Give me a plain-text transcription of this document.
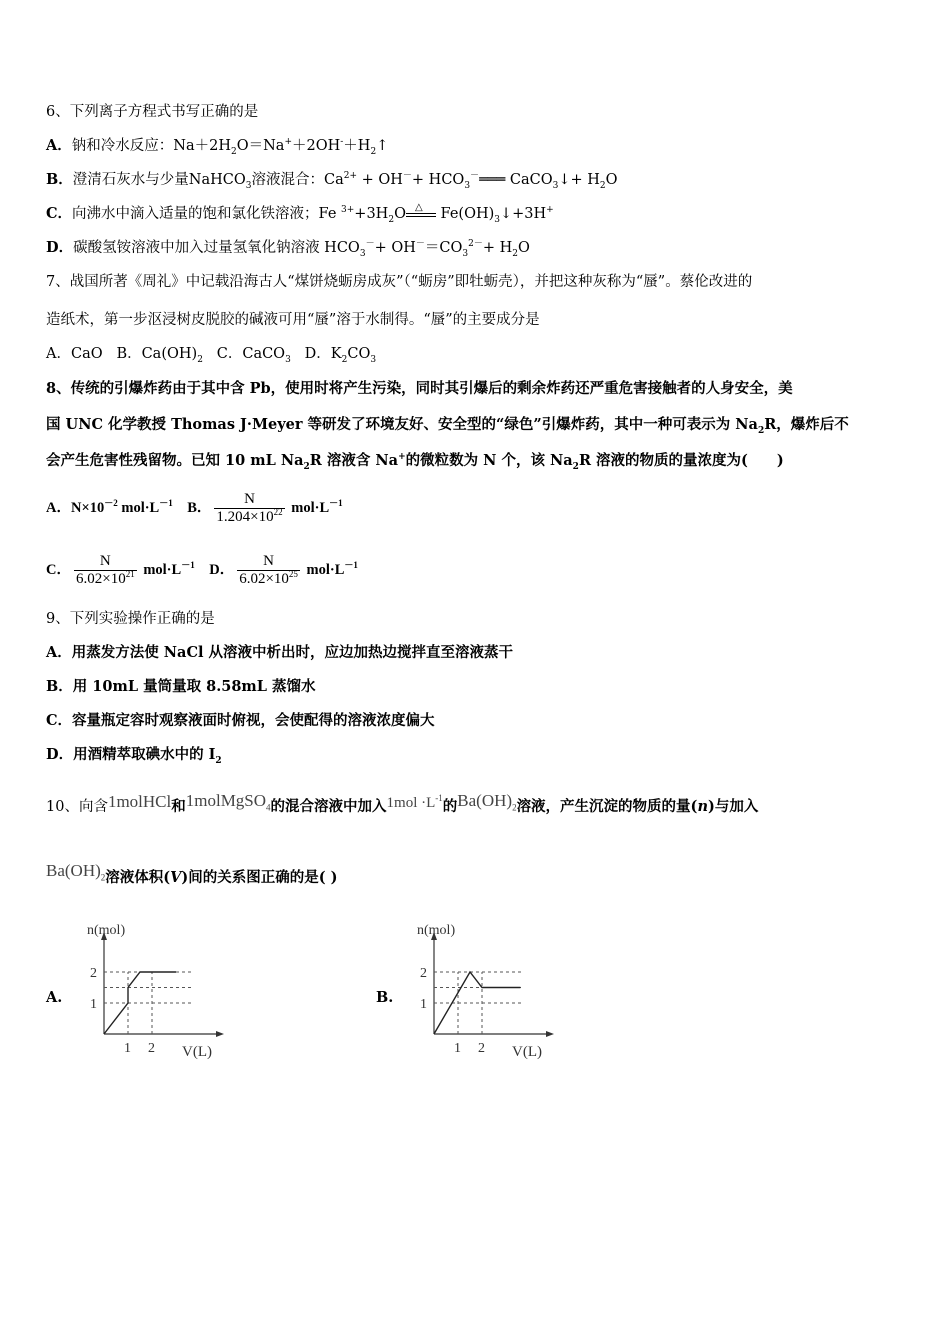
6、下列离子方程式书写正确的是
A．钠和冷水反应：$Na+2H_2O=Na^++2OH^-+H_2↑$
B．澄清石灰水与少量NaHCO$_3$溶液混合：$Ca^{2+} + OH^-+$ $HCO_3^-═══$ CaCO$_3$↓+ $H_2O$
C．向沸水中滴入适量的饱和氯化铁溶液；Fe $^{3+}+3H_2O$ △ $Fe(OH)_3↓+3H^+$
D．碳酸氢铵溶液中加入过量氢氧化钠溶液 $HCO_3^-+ OH^-=CO_3^{2-}+ H_2O$
7、战国所著《周礼》中记载沿海古人“煤饼烧蛎房成灰”（“蛎房”即牡蛎壳），并把这种灰称为“蜃”。蔡伦改进的
造纸术，第一步沤浸树皮脱胶的碱液可用“蜃”溶于水制得。“蜃”的主要成分是
A．CaO B．$Ca(OH)_2$ C．CaCO$_3$ D．$K_2CO_3$
8、传统的引爆炸药由于其中含 Pb，使用时将产生污染，同时其引爆后的剩余炸药还严重危害接触者的人身安全，美
国 UNC 化学教授 Thomas J·Meyer 等研发了环境友好、安全型的“绿色”引爆炸药，其中一种可表示为 $Na_2R$，爆炸后不
会产生危害性残留物。已知 10 mL $Na_2R$ 溶液含 Na+的微粒数为 N 个，该 $Na_2R$ 溶液的物质的量浓度为(　　)
A．$N\times 10^{-2}$ $mol\cdot L^{-1}$ B． $\frac{N}{1.204\times 10^{22}} mol\cdot L^{-1}$
C． $\frac{N}{6.02\times 10^{21}} mol\cdot L^{-1}$ D． $\frac{N}{6.02\times 10^{25}} mol\cdot L^{-1}$
9、下列实验操作正确的是
A．用蒸发方法使 NaCl 从溶液中析出时，应边加热边搅拌直至溶液蒸干
B．用 10mL 量筒量取 8.58mL 蒸馏水
C．容量瓶定容时观察液面时俯视，会使配得的溶液浓度偏大
D．用酒精萃取碘水中的 $I_2$
10、向含1molHCl和1molMgSO$_4$的混合溶液中加入$1mol \cdot L^{-1}$的$Ba(OH)_2$溶液，产生沉淀的物质的量(n)与加入
$Ba(OH)_2$溶液体积(V)间的关系图正确的是( )
A.
n(mol)
V(L)
2
1
1 2
B.
n(mol)
V(L)
2
1
1 2
